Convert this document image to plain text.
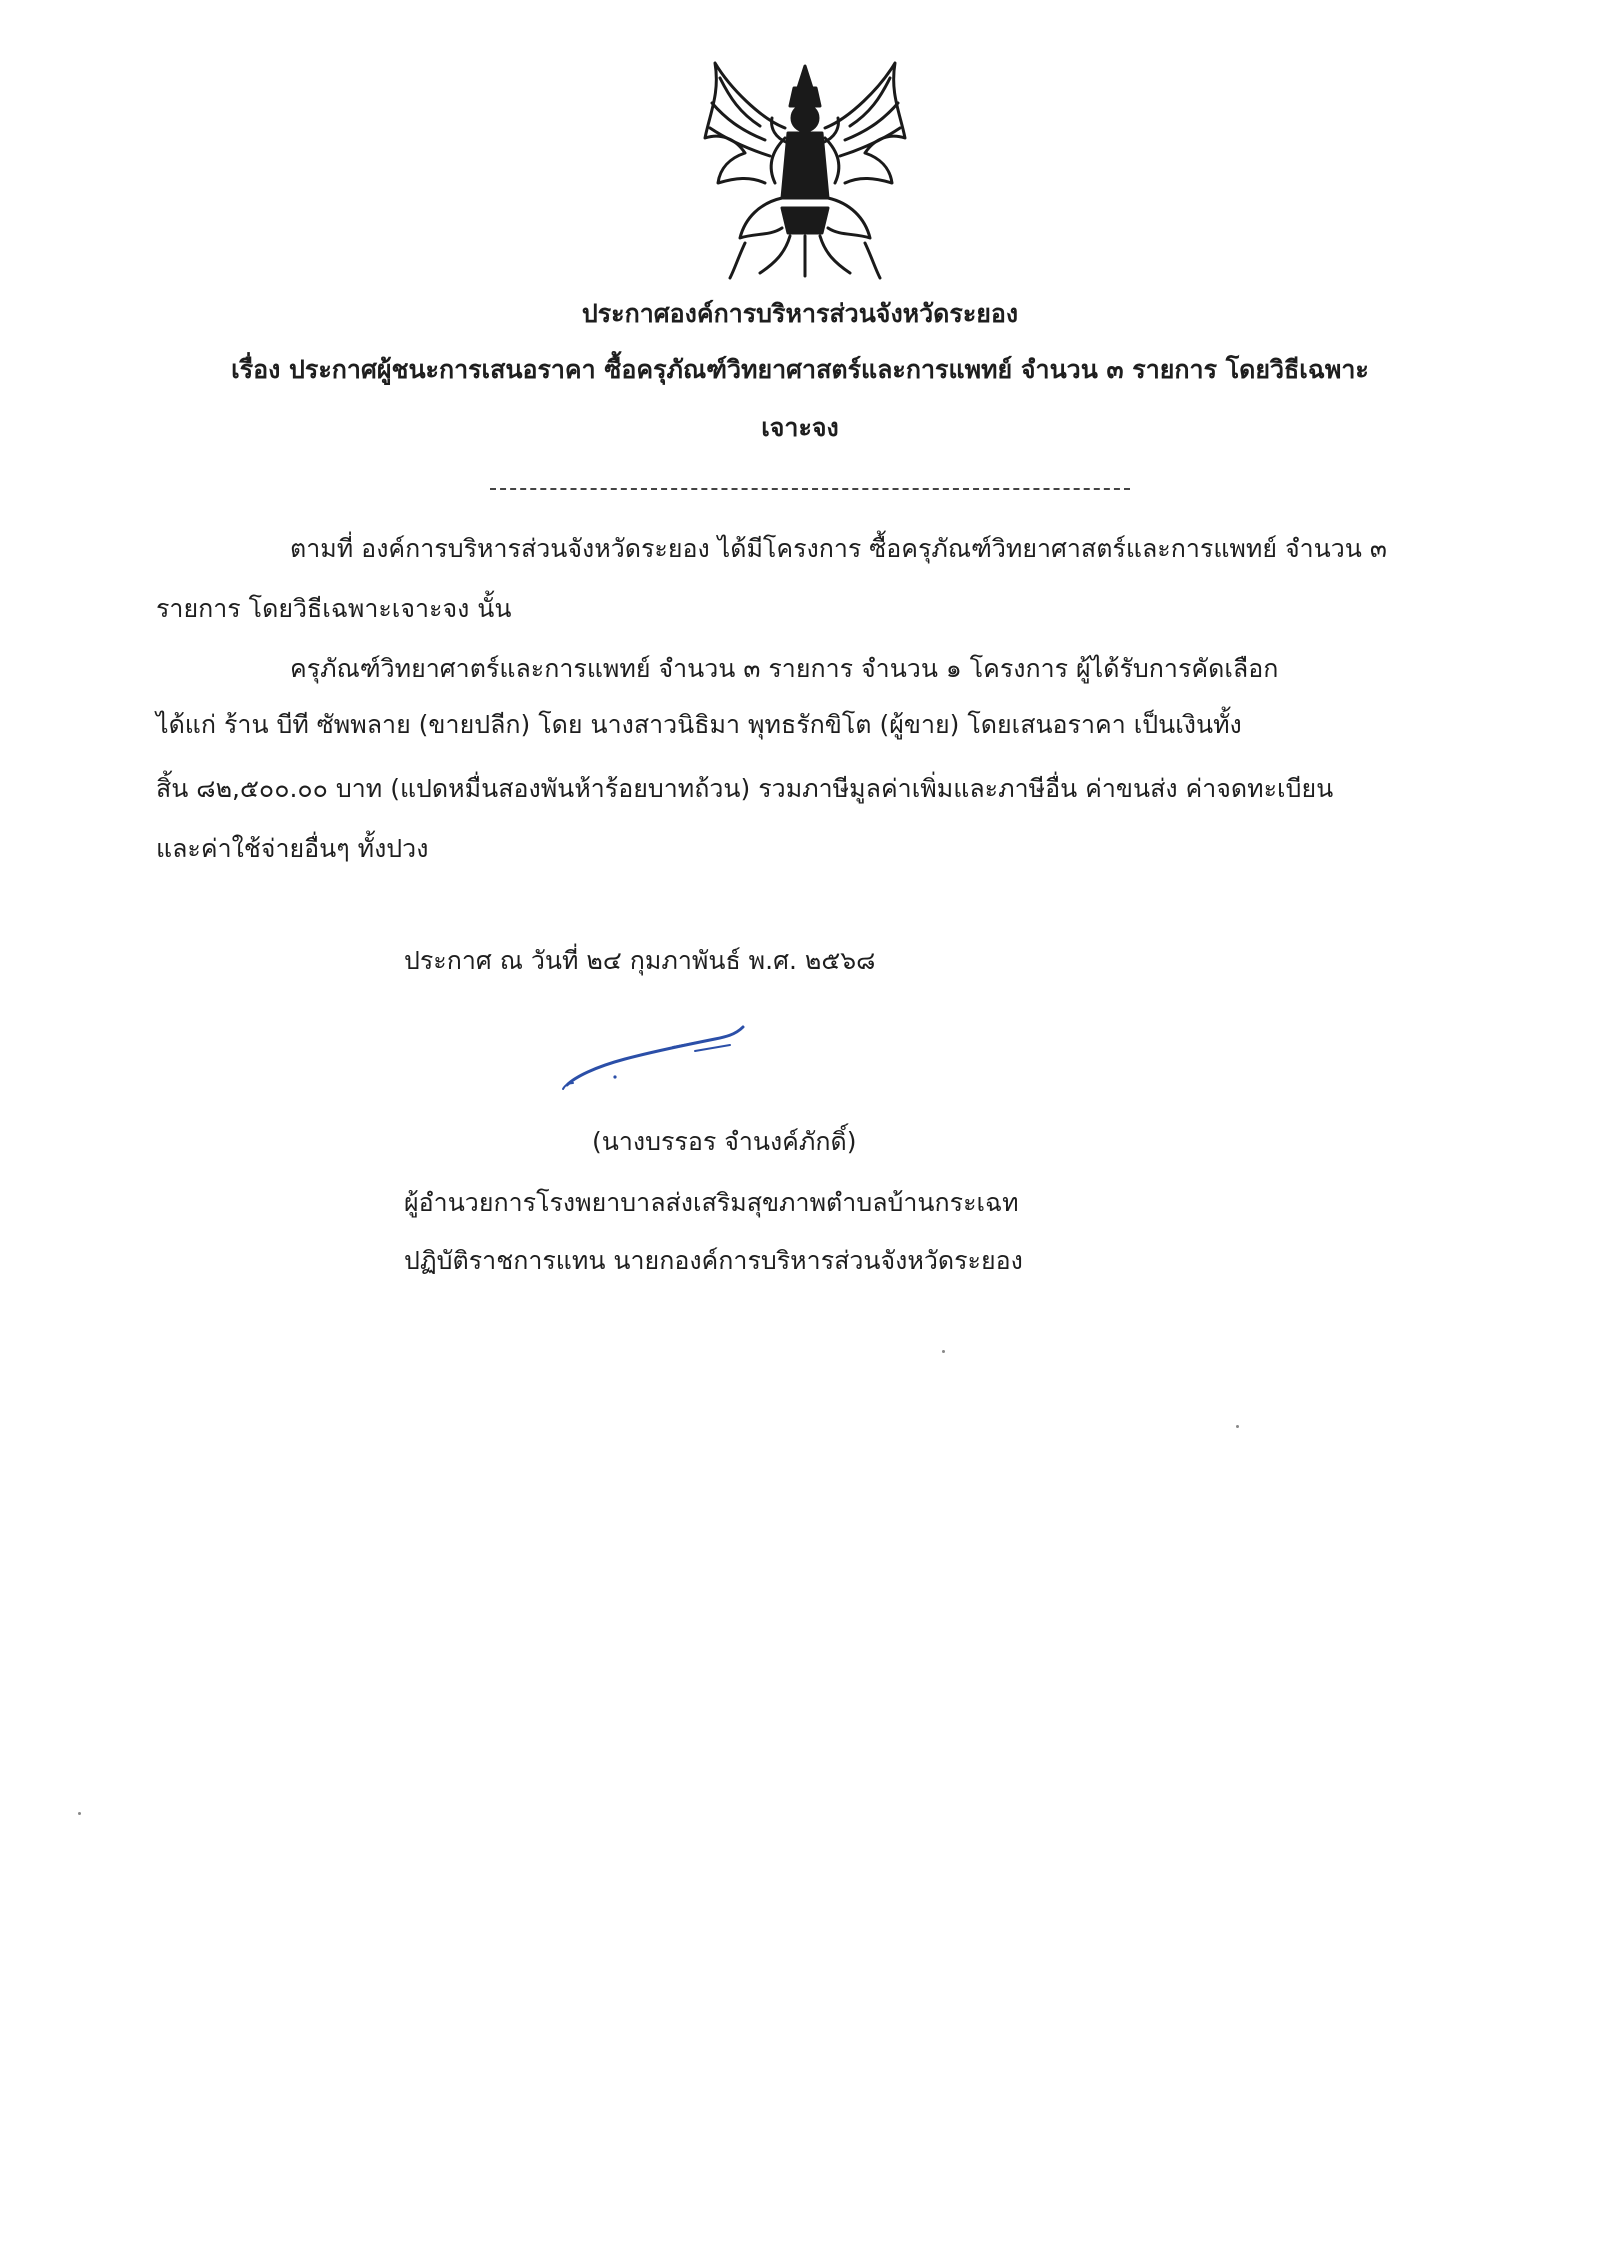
ประกาศองค์การบริหารส่วนจังหวัดระยอง
เรื่อง ประกาศผู้ชนะการเสนอราคา ซื้อครุภัณฑ์วิทยาศาสตร์และการแพทย์ จำนวน ๓ รายการ โดยวิธีเฉพาะ
เจาะจง
ตามที่ องค์การบริหารส่วนจังหวัดระยอง ได้มีโครงการ ซื้อครุภัณฑ์วิทยาศาสตร์และการแพทย์ จำนวน ๓
รายการ โดยวิธีเฉพาะเจาะจง นั้น
ครุภัณฑ์วิทยาศาตร์และการแพทย์ จำนวน ๓ รายการ จำนวน ๑ โครงการ ผู้ได้รับการคัดเลือก
ได้แก่ ร้าน บีที ซัพพลาย (ขายปลีก) โดย นางสาวนิธิมา พุทธรักขิโต (ผู้ขาย) โดยเสนอราคา เป็นเงินทั้ง
สิ้น ๘๒,๕๐๐.๐๐ บาท (แปดหมื่นสองพันห้าร้อยบาทถ้วน) รวมภาษีมูลค่าเพิ่มและภาษีอื่น ค่าขนส่ง ค่าจดทะเบียน
และค่าใช้จ่ายอื่นๆ ทั้งปวง
ประกาศ ณ วันที่ ๒๔ กุมภาพันธ์ พ.ศ. ๒๕๖๘
(นางบรรอร จำนงค์ภักดิ์)
ผู้อำนวยการโรงพยาบาลส่งเสริมสุขภาพตำบลบ้านกระเฉท
ปฏิบัติราชการแทน นายกองค์การบริหารส่วนจังหวัดระยอง
